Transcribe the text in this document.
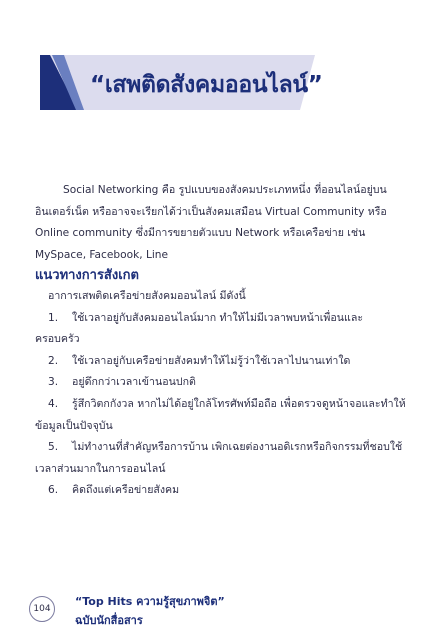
“เสพติดสังคมออนไลน์”

Social Networking คือ รูปแบบของสังคมประเภทหนึ่ง ที่ออนไลน์อยู่บนอินเตอร์เน็ต หรืออาจจะเรียกได้ว่าเป็นสังคมเสมือน Virtual Community หรือ Online community ซึ่งมีการขยายตัวแบบ Network หรือเครือข่าย เช่น MySpace, Facebook, Line

แนวทางการสังเกต

อาการเสพติดเครือข่ายสังคมออนไลน์ มีดังนี้

1. ใช้เวลาอยู่กับสังคมออนไลน์มาก ทำให้ไม่มีเวลาพบหน้าเพื่อนและครอบครัว

2. ใช้เวลาอยู่กับเครือข่ายสังคมทำให้ไม่รู้ว่าใช้เวลาไปนานเท่าใด

3. อยู่ดึกกว่าเวลาเข้านอนปกติ

4. รู้สึกวิตกกังวล หากไม่ได้อยู่ใกล้โทรศัพท์มือถือ เพื่อตรวจดูหน้าจอและทำให้ข้อมูลเป็นปัจจุบัน

5. ไม่ทำงานที่สำคัญหรือการบ้าน เพิกเฉยต่องานอดิเรกหรือกิจกรรมที่ชอบใช้เวลาส่วนมากในการออนไลน์

6. คิดถึงแต่เครือข่ายสังคม

104
“Top Hits ความรู้สุขภาพจิต”
ฉบับนักสื่อสาร
